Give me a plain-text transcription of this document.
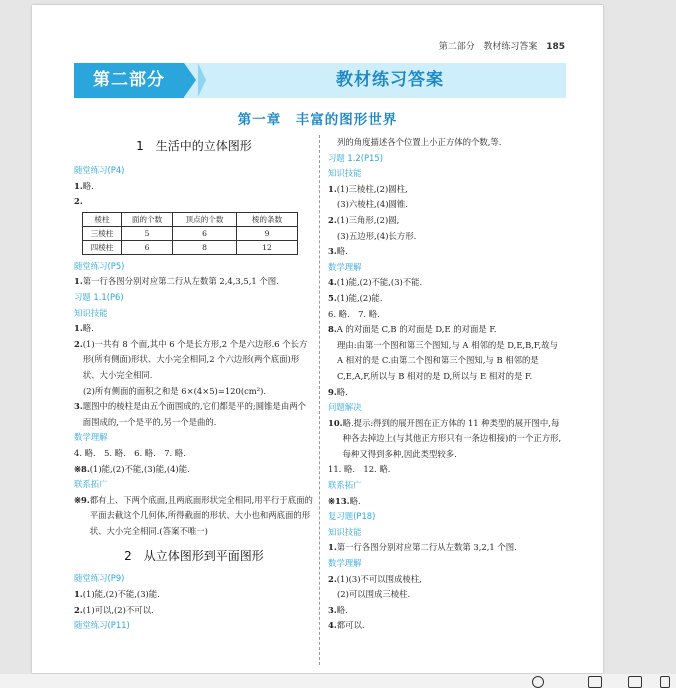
第二部分 教材练习答案 185
第二部分	教材练习答案
第一章　丰富的图形世界
1　生活中的立体图形
随堂练习(P4)
1. 略.
2.
棱柱	面的个数	顶点的个数	棱的条数
三棱柱	5	6	9
四棱柱	6	8	12
随堂练习(P5)
1. 第一行各图分别对应第二行从左数第 2,4,3,5,1 个图.
习题 1.1(P6)
知识技能
1. 略.
2. (1)一共有 8 个面,其中 6 个是长方形,2 个是六边形.6 个长方形(所有侧面)形状、大小完全相同,2 个六边形(两个底面)形状、大小完全相同.
(2)所有侧面的面积之和是 6×(4×5)=120(cm²).
3. 题图中的棱柱是由五个面围成的,它们都是平的;圆锥是由两个面围成的,一个是平的,另一个是曲的.
数学理解
4. 略.　5. 略.　6. 略.　7. 略.
※8. (1)能,(2)不能,(3)能,(4)能.
联系拓广
※9. 都有上、下两个底面,且两底面形状完全相同,用平行于底面的平面去截这个几何体,所得截面的形状、大小也和两底面的形状、大小完全相同.(答案不唯一)
2　从立体图形到平面图形
随堂练习(P9)
1. (1)能,(2)不能,(3)能.
2. (1)可以,(2)不可以.
随堂练习(P11)
列的角度描述各个位置上小正方体的个数,等.
习题 1.2(P15)
知识技能
1. (1)三棱柱,(2)圆柱,
(3)六棱柱,(4)圆锥.
2. (1)三角形,(2)圆,
(3)五边形,(4)长方形.
3. 略.
数学理解
4. (1)能,(2)不能,(3)不能.
5. (1)能,(2)能.
6. 略.　7. 略.
8. A 的对面是 C,B 的对面是 D,E 的对面是 F.
理由:由第一个图和第三个图知,与 A 相邻的是 D,E,B,F,故与 A 相对的是 C.由第二个图和第三个图知,与 B 相邻的是 C,E,A,F,所以与 B 相对的是 D,所以与 E 相对的是 F.
9. 略.
问题解决
10. 略.提示:得到的展开图在正方体的 11 种类型的展开图中,每种各去掉边上(与其他正方形只有一条边相接)的一个正方形,每种又得到多种,因此类型较多.
11. 略.　12. 略.
联系拓广
※13. 略.
复习题(P18)
知识技能
1. 第一行各图分别对应第二行从左数第 3,2,1 个图.
数学理解
2. (1)(3)不可以围成棱柱,
(2)可以围成三棱柱.
3. 略.
4. 都可以.
